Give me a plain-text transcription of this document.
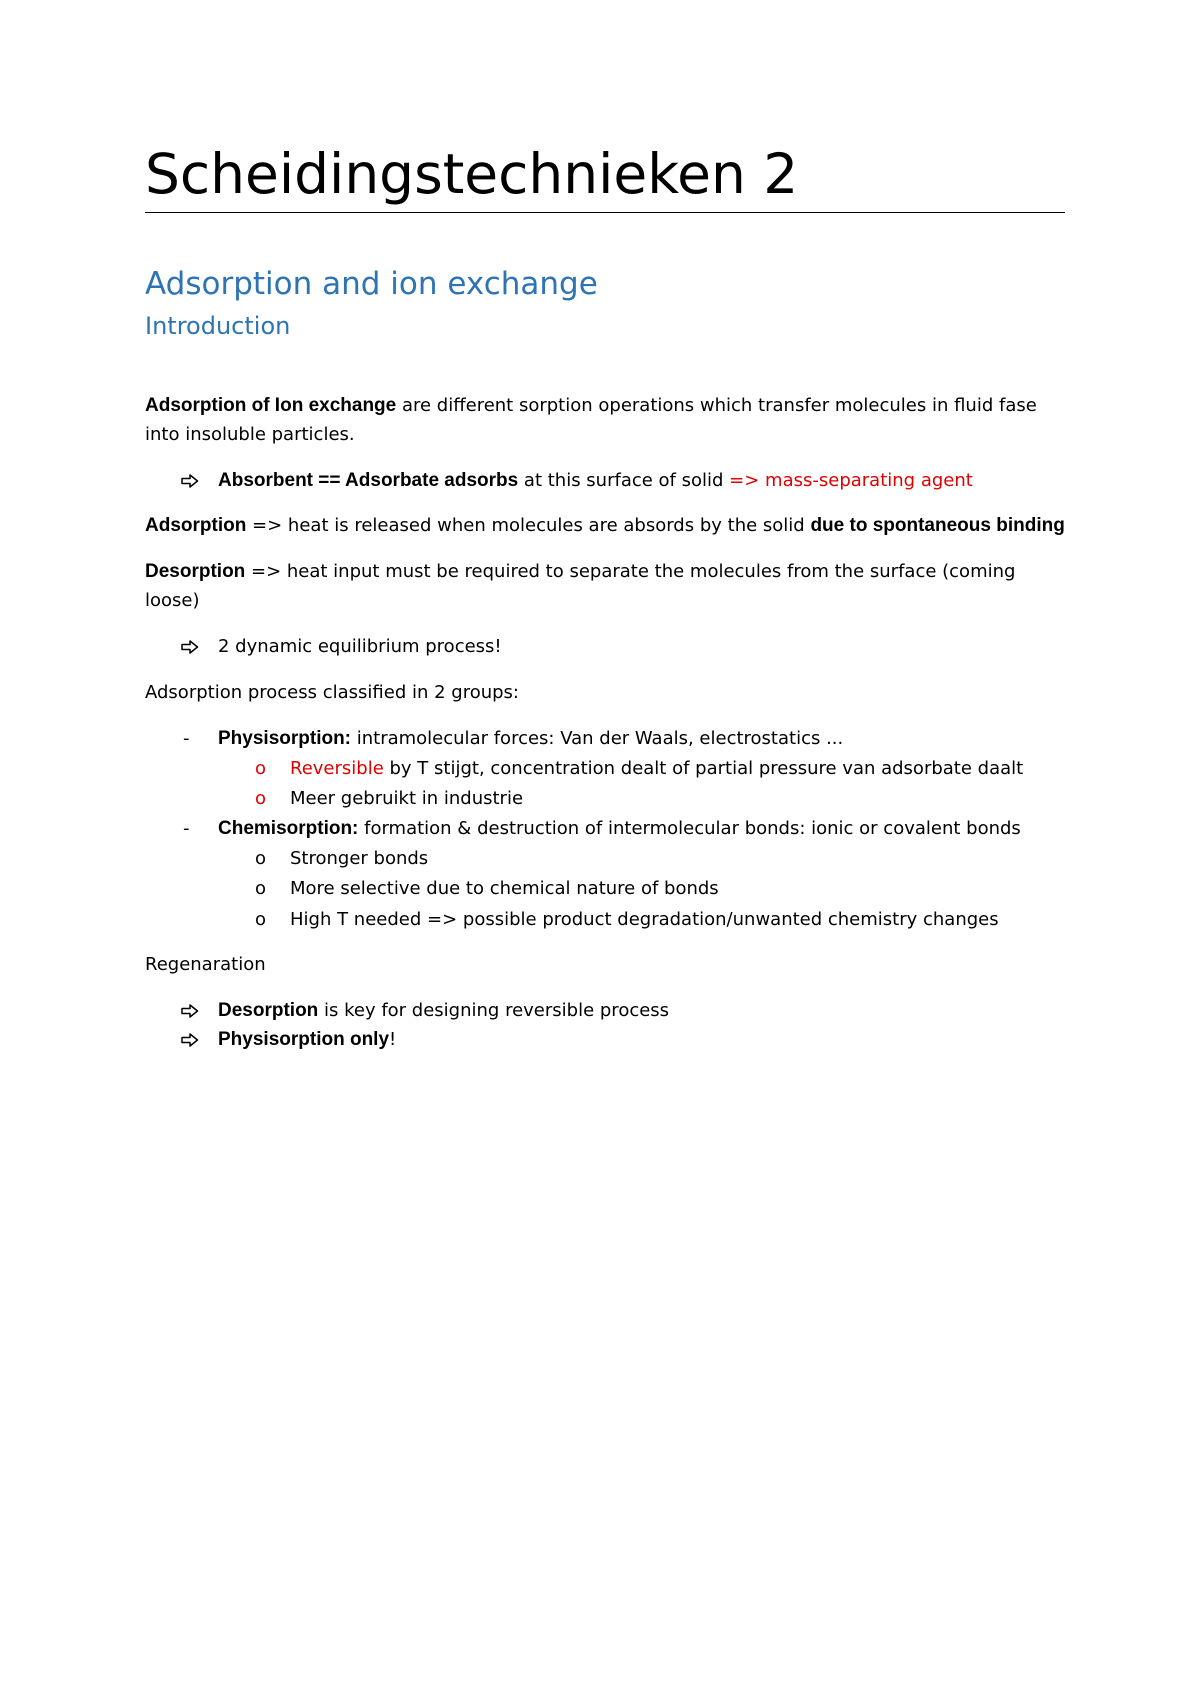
Scheidingstechnieken 2
Adsorption and ion exchange
Introduction
Adsorption of Ion exchange are different sorption operations which transfer molecules in fluid fase into insoluble particles.
Absorbent == Adsorbate adsorbs at this surface of solid => mass-separating agent
Adsorption => heat is released when molecules are absords by the solid due to spontaneous binding
Desorption => heat input must be required to separate the molecules from the surface (coming loose)
2 dynamic equilibrium process!
Adsorption process classified in 2 groups:
- Physisorption: intramolecular forces: Van der Waals, electrostatics ...
o Reversible by T stijgt, concentration dealt of partial pressure van adsorbate daalt
o Meer gebruikt in industrie
- Chemisorption: formation & destruction of intermolecular bonds: ionic or covalent bonds
o Stronger bonds
o More selective due to chemical nature of bonds
o High T needed => possible product degradation/unwanted chemistry changes
Regenaration
Desorption is key for designing reversible process
Physisorption only!
